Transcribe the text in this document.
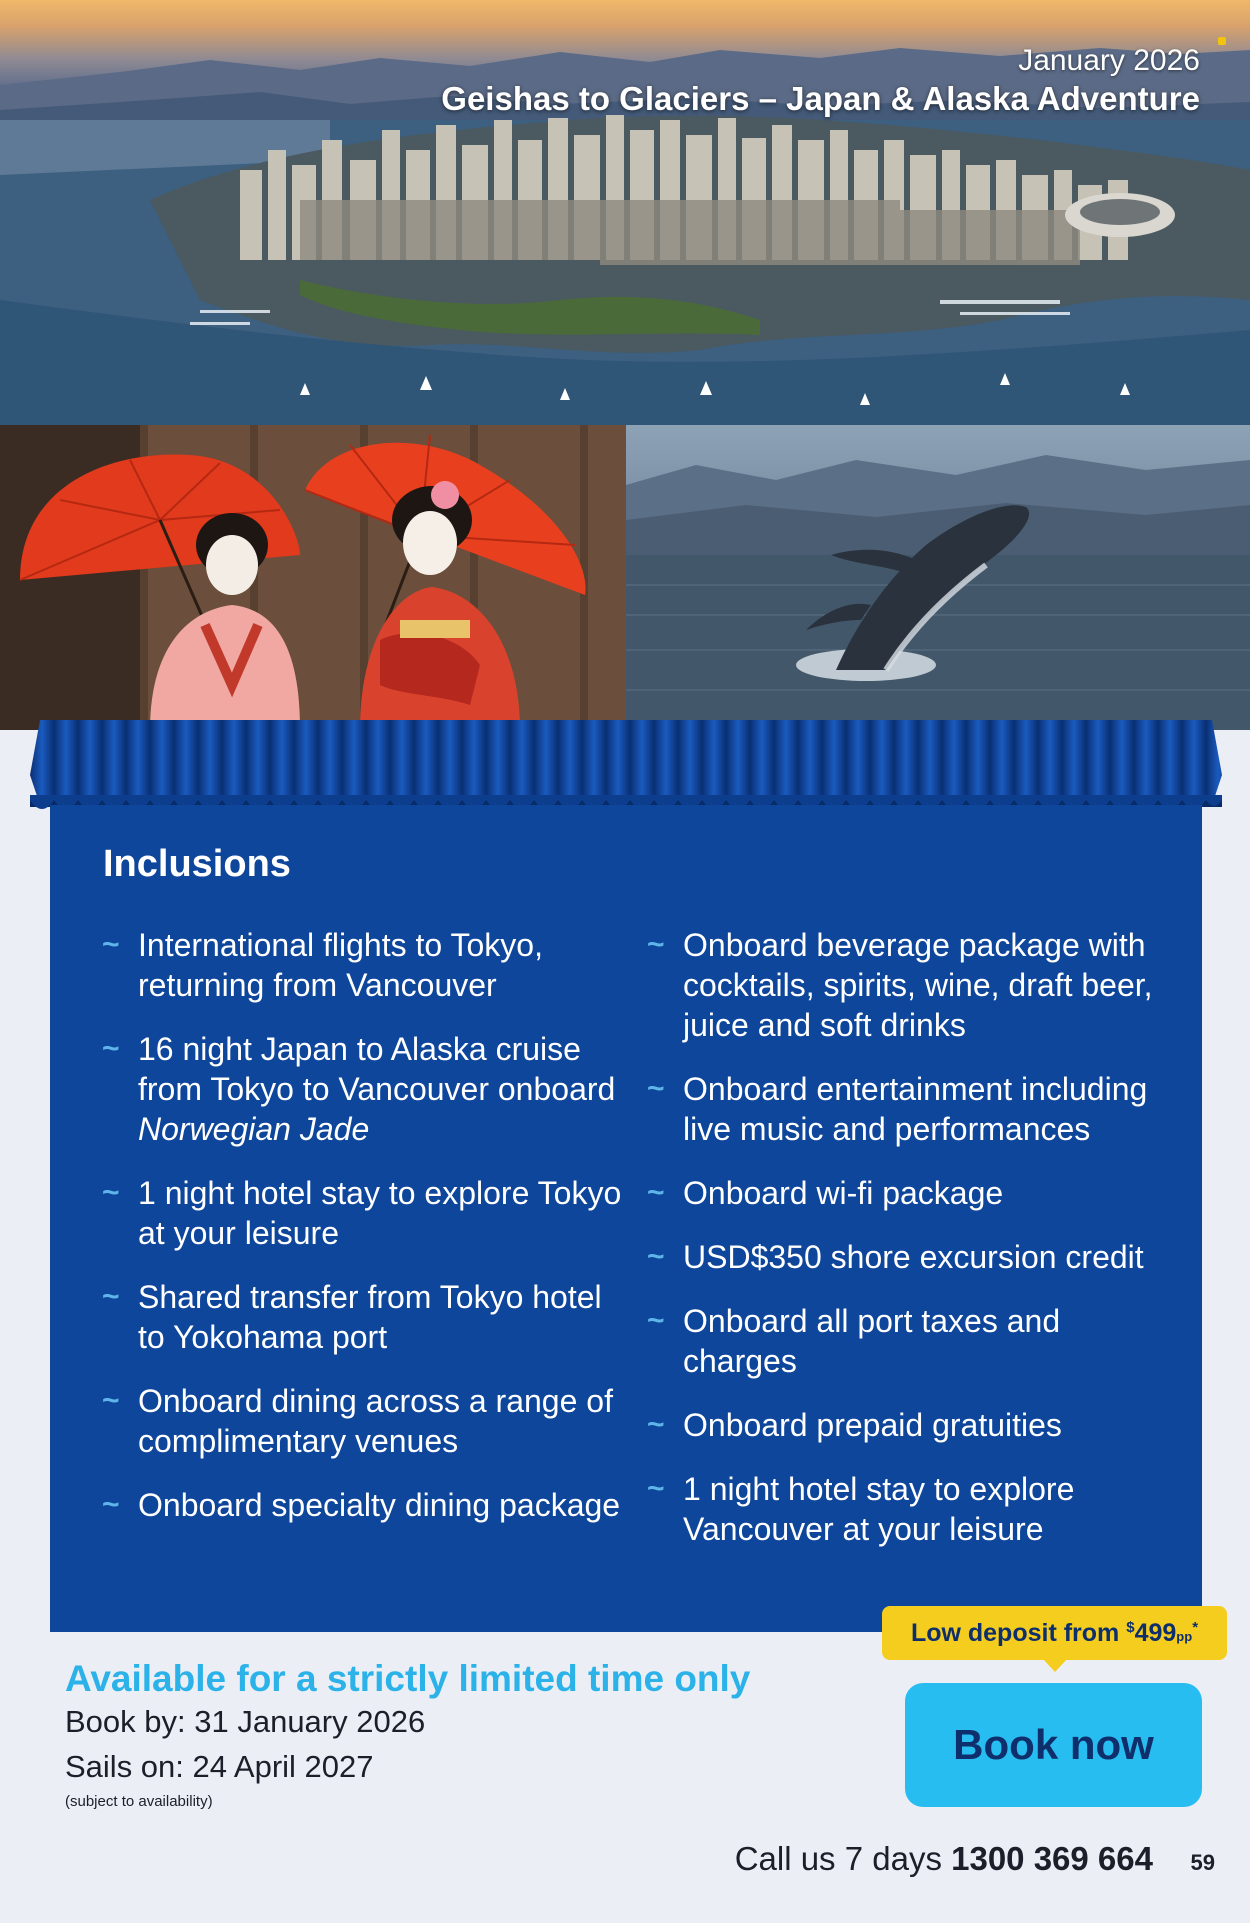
January 2026
Geishas to Glaciers – Japan & Alaska Adventure
Inclusions
~ International flights to Tokyo, returning from Vancouver
~ 16 night Japan to Alaska cruise from Tokyo to Vancouver onboard Norwegian Jade
~ 1 night hotel stay to explore Tokyo at your leisure
~ Shared transfer from Tokyo hotel to Yokohama port
~ Onboard dining across a range of complimentary venues
~ Onboard specialty dining package
~ Onboard beverage package with cocktails, spirits, wine, draft beer, juice and soft drinks
~ Onboard entertainment including live music and performances
~ Onboard wi-fi package
~ USD$350 shore excursion credit
~ Onboard all port taxes and charges
~ Onboard prepaid gratuities
~ 1 night hotel stay to explore Vancouver at your leisure
Low deposit from
$ $499_{pp}$
*
Available for a strictly limited time only
Book by: 31 January 2026
Sails on: 24 April 2027
(subject to availability)
Book now
Call us 7 days 1300 369 664 59
